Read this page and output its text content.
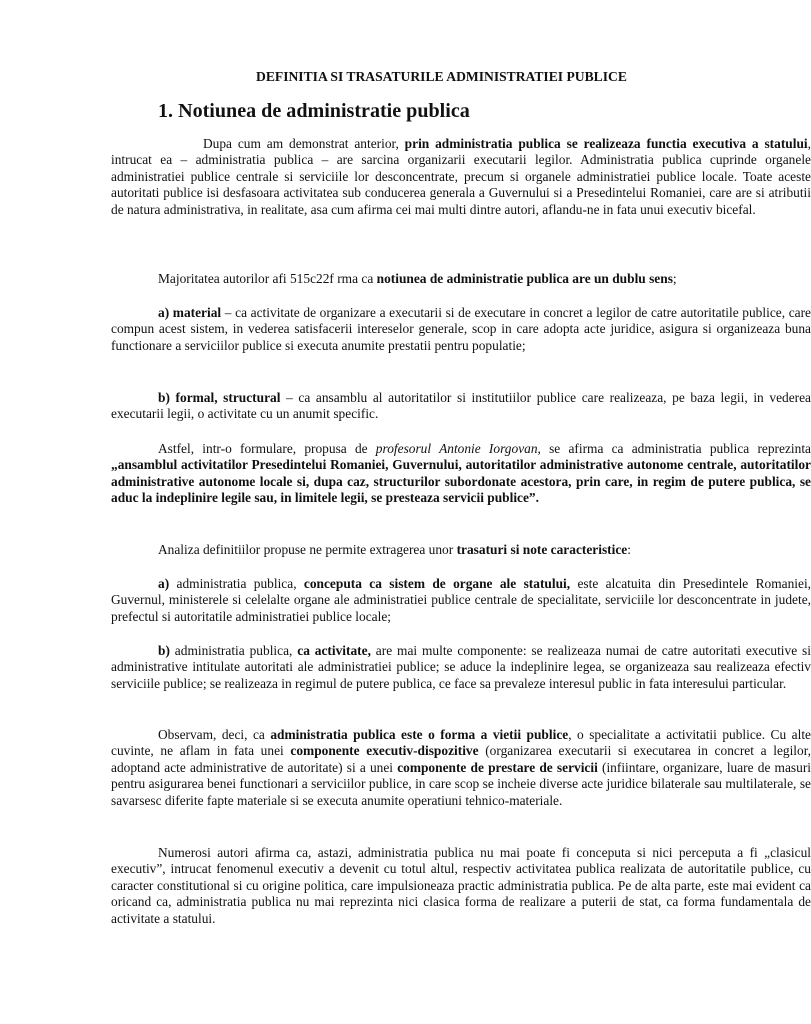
DEFINITIA SI TRASATURILE ADMINISTRATIEI PUBLICE
1. Notiunea de administratie publica

Dupa cum am demonstrat anterior, prin administratia publica se realizeaza functia executiva a statului, intrucat ea – administratia publica – are sarcina organizarii executarii legilor. Administratia publica cuprinde organele administratiei publice centrale si serviciile lor desconcentrate, precum si organele administratiei publice locale. Toate aceste autoritati publice isi desfasoara activitatea sub conducerea generala a Guvernului si a Presedintelui Romaniei, care are si atributii de natura administrativa, in realitate, asa cum afirma cei mai multi dintre autori, aflandu-ne in fata unui executiv bicefal.

Majoritatea autorilor afi 515c22f rma ca notiunea de administratie publica are un dublu sens;

a) material – ca activitate de organizare a executarii si de executare in concret a legilor de catre autoritatile publice, care compun acest sistem, in vederea satisfacerii intereselor generale, scop in care adopta acte juridice, asigura si organizeaza buna functionare a serviciilor publice si executa anumite prestatii pentru populatie;

b) formal, structural – ca ansamblu al autoritatilor si institutiilor publice care realizeaza, pe baza legii, in vederea executarii legii, o activitate cu un anumit specific.

Astfel, intr-o formulare, propusa de profesorul Antonie Iorgovan, se afirma ca administratia publica reprezinta „ansamblul activitatilor Presedintelui Romaniei, Guvernului, autoritatilor administrative autonome centrale, autoritatilor administrative autonome locale si, dupa caz, structurilor subordonate acestora, prin care, in regim de putere publica, se aduc la indeplinire legile sau, in limitele legii, se presteaza servicii publice”.

Analiza definitiilor propuse ne permite extragerea unor trasaturi si note caracteristice:

a) administratia publica, conceputa ca sistem de organe ale statului, este alcatuita din Presedintele Romaniei, Guvernul, ministerele si celelalte organe ale administratiei publice centrale de specialitate, serviciile lor desconcentrate in judete, prefectul si autoritatile administratiei publice locale;

b) administratia publica, ca activitate, are mai multe componente: se realizeaza numai de catre autoritati executive si administrative intitulate autoritati ale administratiei publice; se aduce la indeplinire legea, se organizeaza sau realizeaza efectiv serviciile publice; se realizeaza in regimul de putere publica, ce face sa prevaleze interesul public in fata interesului particular.

Observam, deci, ca administratia publica este o forma a vietii publice, o specialitate a activitatii publice. Cu alte cuvinte, ne aflam in fata unei componente executiv-dispozitive (organizarea executarii si executarea in concret a legilor, adoptand acte administrative de autoritate) si a unei componente de prestare de servicii (infiintare, organizare, luare de masuri pentru asigurarea benei functionari a serviciilor publice, in care scop se incheie diverse acte juridice bilaterale sau multilaterale, se savarsesc diferite fapte materiale si se executa anumite operatiuni tehnico-materiale.

Numerosi autori afirma ca, astazi, administratia publica nu mai poate fi conceputa si nici perceputa a fi „clasicul executiv”, intrucat fenomenul executiv a devenit cu totul altul, respectiv activitatea publica realizata de autoritatile publice, cu caracter constitutional si cu origine politica, care impulsioneaza practic administratia publica. Pe de alta parte, este mai evident ca oricand ca, administratia publica nu mai reprezinta nici clasica forma de realizare a puterii de stat, ca forma fundamentala de activitate a statului.
